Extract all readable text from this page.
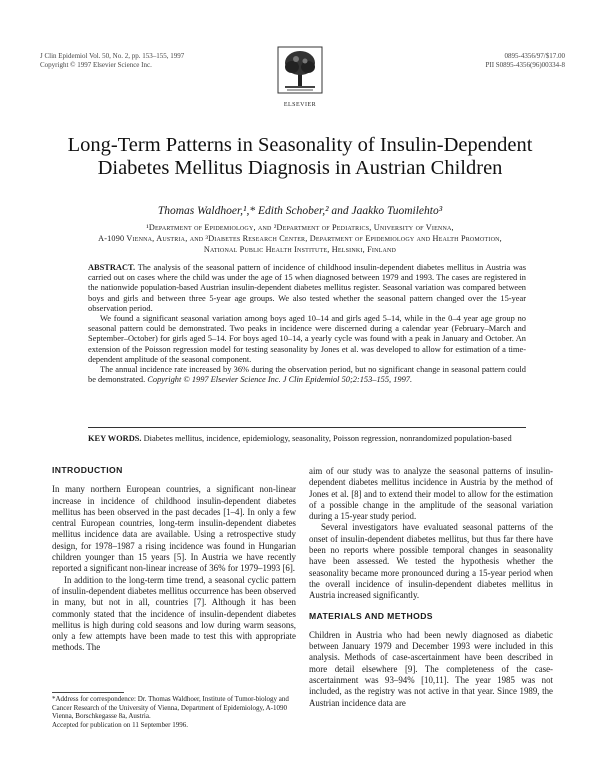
J Clin Epidemiol Vol. 50, No. 2, pp. 153–155, 1997
Copyright © 1997 Elsevier Science Inc.
ELSEVIER
0895-4356/97/$17.00
PII S0895-4356(96)00334-8
Long-Term Patterns in Seasonality of Insulin-Dependent Diabetes Mellitus Diagnosis in Austrian Children
Thomas Waldhoer,¹,* Edith Schober,² and Jaakko Tuomilehto³
¹Department of Epidemiology, and ²Department of Pediatrics, University of Vienna,
A-1090 Vienna, Austria, and ³Diabetes Research Center, Department of Epidemiology and Health Promotion,
National Public Health Institute, Helsinki, Finland

ABSTRACT. The analysis of the seasonal pattern of incidence of childhood insulin-dependent diabetes mellitus in Austria was carried out on cases where the child was under the age of 15 when diagnosed between 1979 and 1993. The cases are registered in the nationwide population-based Austrian insulin-dependent diabetes mellitus register. Seasonal variation was compared between boys and girls and between three 5-year age groups. We also tested whether the seasonal pattern changed over the 15-year observation period.

We found a significant seasonal variation among boys aged 10–14 and girls aged 5–14, while in the 0–4 year age group no seasonal pattern could be demonstrated. Two peaks in incidence were discerned during a calendar year (February–March and September–October) for girls aged 5–14. For boys aged 10–14, a yearly cycle was found with a peak in January and October. An extension of the Poisson regression model for testing seasonality by Jones et al. was developed to allow for estimation of a time-dependent amplitude of the seasonal component.

The annual incidence rate increased by 36% during the observation period, but no significant change in seasonal pattern could be demonstrated. Copyright © 1997 Elsevier Science Inc. J Clin Epidemiol 50;2:153–155, 1997.

KEY WORDS. Diabetes mellitus, incidence, epidemiology, seasonality, Poisson regression, nonrandomized population-based
INTRODUCTION

In many northern European countries, a significant non-linear increase in incidence of childhood insulin-dependent diabetes mellitus has been observed in the past decades [1–4]. In only a few central European countries, long-term insulin-dependent diabetes mellitus incidence data are available. Using a retrospective study design, for 1978–1987 a rising incidence was found in Hungarian children younger than 15 years [5]. In Austria we have recently reported a significant non-linear increase of 36% for 1979–1993 [6].

In addition to the long-term time trend, a seasonal cyclic pattern of insulin-dependent diabetes mellitus occurrence has been observed in many, but not in all, countries [7]. Although it has been commonly stated that the incidence of insulin-dependent diabetes mellitus is high during cold seasons and low during warm seasons, only a few attempts have been made to test this with appropriate methods. The

*Address for correspondence: Dr. Thomas Waldhoer, Institute of Tumor-biology and Cancer Research of the University of Vienna, Department of Epidemiology, A-1090 Vienna, Borschkegasse 8a, Austria.

Accepted for publication on 11 September 1996.

aim of our study was to analyze the seasonal patterns of insulin-dependent diabetes mellitus incidence in Austria by the method of Jones et al. [8] and to extend their model to allow for the estimation of a possible change in the amplitude of the seasonal variation during a 15-year study period.

Several investigators have evaluated seasonal patterns of the onset of insulin-dependent diabetes mellitus, but thus far there have been no reports where possible temporal changes in seasonality have been assessed. We tested the hypothesis whether the seasonality became more pronounced during a 15-year period when the overall incidence of insulin-dependent diabetes mellitus in Austria increased significantly.

MATERIALS AND METHODS

Children in Austria who had been newly diagnosed as diabetic between January 1979 and December 1993 were included in this analysis. Methods of case-ascertainment have been described in more detail elsewhere [9]. The completeness of the case-ascertainment was 93–94% [10,11]. The year 1985 was not included, as the registry was not active in that year. Since 1989, the Austrian incidence data are
